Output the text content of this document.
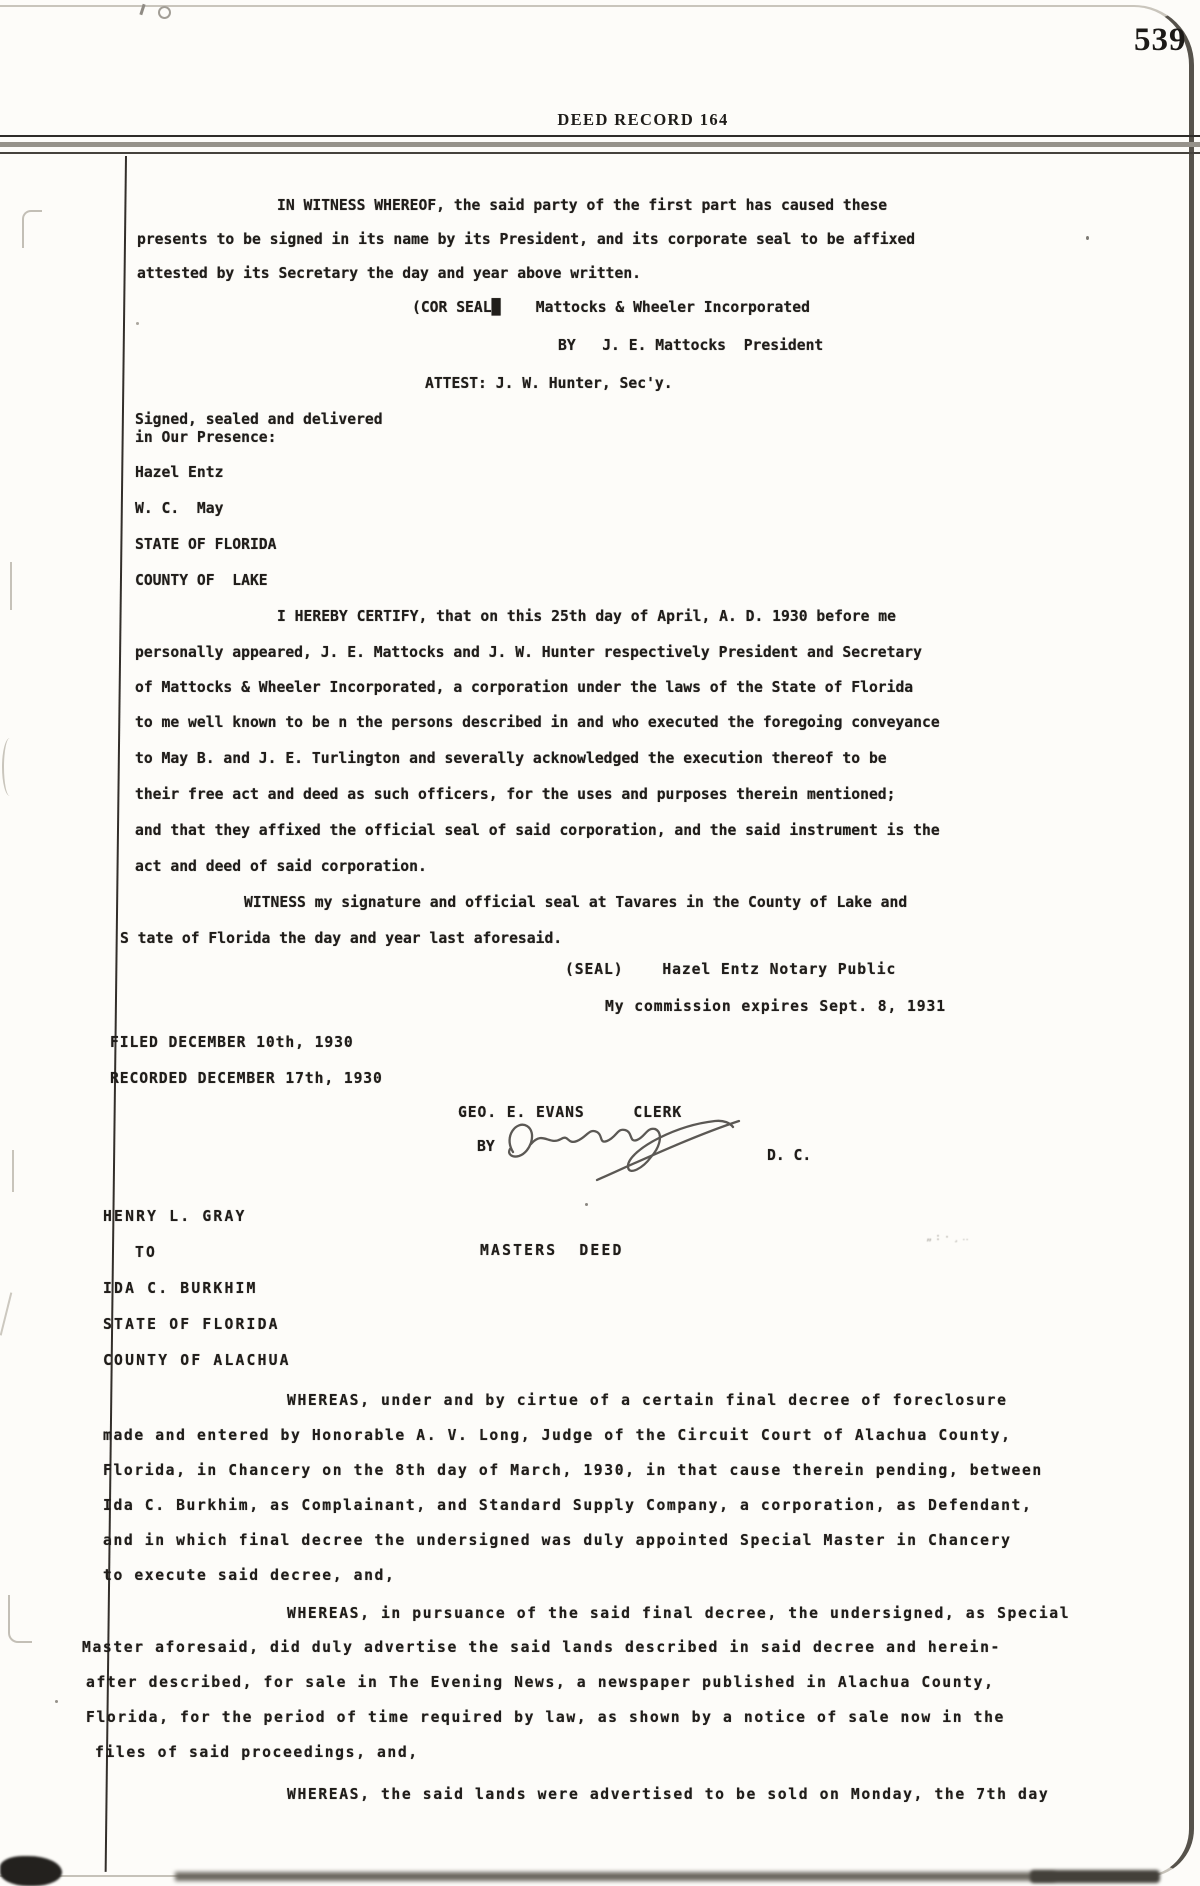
539
DEED RECORD 164
IN WITNESS WHEREOF, the said party of the first part has caused these
presents to be signed in its name by its President, and its corporate seal to be affixed
attested by its Secretary the day and year above written.
(COR SEAL█    Mattocks & Wheeler Incorporated
BY   J. E. Mattocks  President
ATTEST: J. W. Hunter, Sec'y.
Signed, sealed and delivered
in Our Presence:
Hazel Entz
W. C.  May
STATE OF FLORIDA
COUNTY OF  LAKE
I HEREBY CERTIFY, that on this 25th day of April, A. D. 1930 before me
personally appeared, J. E. Mattocks and J. W. Hunter respectively President and Secretary
of Mattocks & Wheeler Incorporated, a corporation under the laws of the State of Florida
to me well known to be n the persons described in and who executed the foregoing conveyance
to May B. and J. E. Turlington and severally acknowledged the execution thereof to be
their free act and deed as such officers, for the uses and purposes therein mentioned;
and that they affixed the official seal of said corporation, and the said instrument is the
act and deed of said corporation.
WITNESS my signature and official seal at Tavares in the County of Lake and
S tate of Florida the day and year last aforesaid.
(SEAL)    Hazel Entz Notary Public
My commission expires Sept. 8, 1931
FILED DECEMBER 10th, 1930
RECORDED DECEMBER 17th, 1930
GEO. E. EVANS     CLERK
BY
D. C.
HENRY L. GRAY
TO	MASTERS  DEED
IDA C. BURKHIM
STATE OF FLORIDA
COUNTY OF ALACHUA
WHEREAS, under and by cirtue of a certain final decree of foreclosure
made and entered by Honorable A. V. Long, Judge of the Circuit Court of Alachua County,
Florida, in Chancery on the 8th day of March, 1930, in that cause therein pending, between
Ida C. Burkhim, as Complainant, and Standard Supply Company, a corporation, as Defendant,
and in which final decree the undersigned was duly appointed Special Master in Chancery
to execute said decree, and,
WHEREAS, in pursuance of the said final decree, the undersigned, as Special
Master aforesaid, did duly advertise the said lands described in said decree and herein-
after described, for sale in The Evening News, a newspaper published in Alachua County,
Florida, for the period of time required by law, as shown by a notice of sale now in the
files of said proceedings, and,
WHEREAS, the said lands were advertised to be sold on Monday, the 7th day
„:·¸‥
